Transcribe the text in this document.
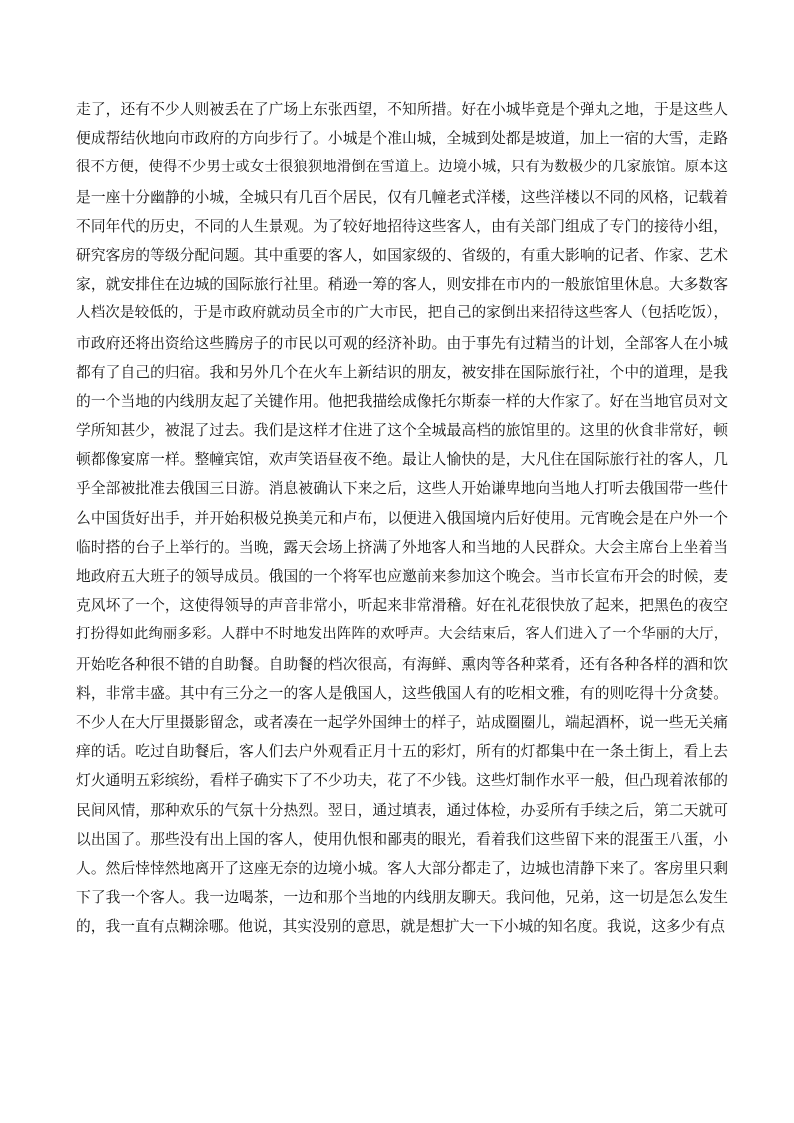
走了，还有不少人则被丢在了广场上东张西望，不知所措。好在小城毕竟是个弹丸之地，于是这些人
便成帮结伙地向市政府的方向步行了。小城是个准山城，全城到处都是坡道，加上一宿的大雪，走路
很不方便，使得不少男士或女士很狼狈地滑倒在雪道上。边境小城，只有为数极少的几家旅馆。原本这
是一座十分幽静的小城，全城只有几百个居民，仅有几幢老式洋楼，这些洋楼以不同的风格，记载着
不同年代的历史，不同的人生景观。为了较好地招待这些客人，由有关部门组成了专门的接待小组，
研究客房的等级分配问题。其中重要的客人，如国家级的、省级的，有重大影响的记者、作家、艺术
家，就安排住在边城的国际旅行社里。稍逊一筹的客人，则安排在市内的一般旅馆里休息。大多数客
人档次是较低的，于是市政府就动员全市的广大市民，把自己的家倒出来招待这些客人（包括吃饭），
市政府还将出资给这些腾房子的市民以可观的经济补助。由于事先有过精当的计划，全部客人在小城
都有了自己的归宿。我和另外几个在火车上新结识的朋友，被安排在国际旅行社，个中的道理，是我
的一个当地的内线朋友起了关键作用。他把我描绘成像托尔斯泰一样的大作家了。好在当地官员对文
学所知甚少，被混了过去。我们是这样才住进了这个全城最高档的旅馆里的。这里的伙食非常好，顿
顿都像宴席一样。整幢宾馆，欢声笑语昼夜不绝。最让人愉快的是，大凡住在国际旅行社的客人，几
乎全部被批准去俄国三日游。消息被确认下来之后，这些人开始谦卑地向当地人打听去俄国带一些什
么中国货好出手，并开始积极兑换美元和卢布，以便进入俄国境内后好使用。元宵晚会是在户外一个
临时搭的台子上举行的。当晚，露天会场上挤满了外地客人和当地的人民群众。大会主席台上坐着当
地政府五大班子的领导成员。俄国的一个将军也应邀前来参加这个晚会。当市长宣布开会的时候，麦
克风坏了一个，这使得领导的声音非常小，听起来非常滑稽。好在礼花很快放了起来，把黑色的夜空
打扮得如此绚丽多彩。人群中不时地发出阵阵的欢呼声。大会结束后，客人们进入了一个华丽的大厅，
开始吃各种很不错的自助餐。自助餐的档次很高，有海鲜、熏肉等各种菜肴，还有各种各样的酒和饮
料，非常丰盛。其中有三分之一的客人是俄国人，这些俄国人有的吃相文雅，有的则吃得十分贪婪。
不少人在大厅里摄影留念，或者凑在一起学外国绅士的样子，站成圈圈儿，端起酒杯，说一些无关痛
痒的话。吃过自助餐后，客人们去户外观看正月十五的彩灯，所有的灯都集中在一条土街上，看上去
灯火通明五彩缤纷，看样子确实下了不少功夫，花了不少钱。这些灯制作水平一般，但凸现着浓郁的
民间风情，那种欢乐的气氛十分热烈。翌日，通过填表，通过体检，办妥所有手续之后，第二天就可
以出国了。那些没有出上国的客人，使用仇恨和鄙夷的眼光，看着我们这些留下来的混蛋王八蛋，小
人。然后悻悻然地离开了这座无奈的边境小城。客人大部分都走了，边城也清静下来了。客房里只剩
下了我一个客人。我一边喝茶，一边和那个当地的内线朋友聊天。我问他，兄弟，这一切是怎么发生
的，我一直有点糊涂哪。他说，其实没别的意思，就是想扩大一下小城的知名度。我说，这多少有点
